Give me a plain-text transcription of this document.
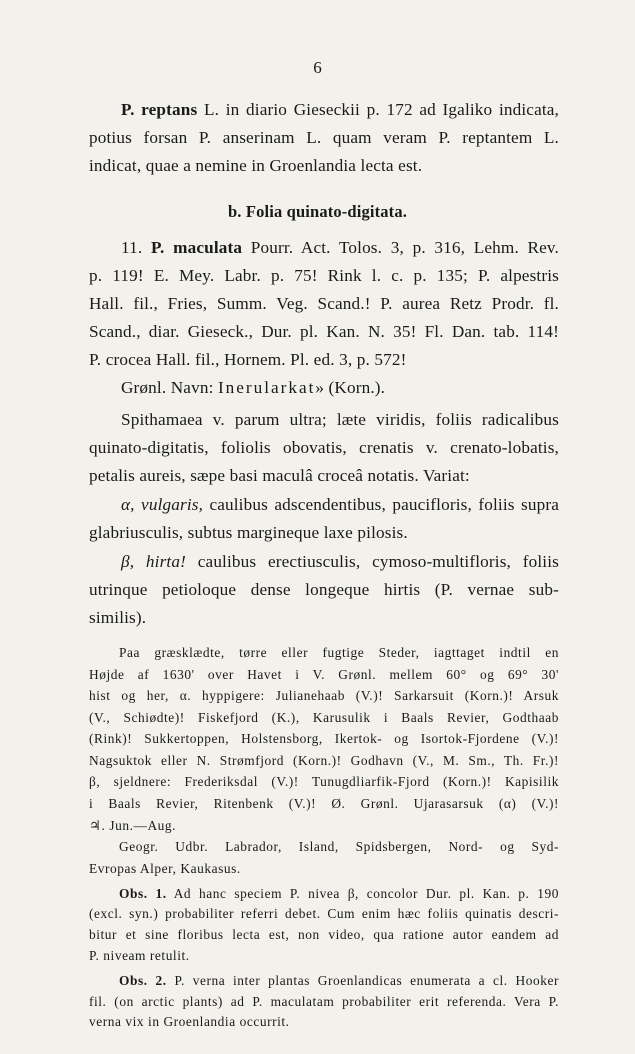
6
P. reptans L. in diario Gieseckii p. 172 ad Igaliko indicata,
potius forsan P. anserinam L. quam veram P. reptantem L.
indicat, quae a nemine in Groenlandia lecta est.
b. Folia quinato-digitata.
11. P. maculata Pourr. Act. Tolos. 3, p. 316, Lehm. Rev.
p. 119! E. Mey. Labr. p. 75! Rink l. c. p. 135; P. alpestris
Hall. fil., Fries, Summ. Veg. Scand.! P. aurea Retz Prodr. fl.
Scand., diar. Gieseck., Dur. pl. Kan. N. 35! Fl. Dan. tab. 114!
P. crocea Hall. fil., Hornem. Pl. ed. 3, p. 572!
Grønl. Navn: Inerularkat» (Korn.).
Spithamaea v. parum ultra; læte viridis, foliis radicalibus
quinato-digitatis, foliolis obovatis, crenatis v. crenato-lobatis,
petalis aureis, sæpe basi maculâ croceâ notatis. Variat:
α, vulgaris, caulibus adscendentibus, paucifloris, foliis supra
glabriusculis, subtus margineque laxe pilosis.
β, hirta! caulibus erectiusculis, cymoso-multifloris, foliis
utrinque petioloque dense longeque hirtis (P. vernae sub-
similis).
Paa græsklædte, tørre eller fugtige Steder, iagttaget indtil en
Højde af 1630' over Havet i V. Grønl. mellem 60° og 69° 30'
hist og her, α. hyppigere: Julianehaab (V.)! Sarkarsuit (Korn.)! Arsuk
(V., Schiødte)! Fiskefjord (K.), Karusulik i Baals Revier, Godthaab
(Rink)! Sukkertoppen, Holstensborg, Ikertok- og Isortok-Fjordene (V.)!
Nagsuktok eller N. Strømfjord (Korn.)! Godhavn (V., M. Sm., Th. Fr.)!
β, sjeldnere: Frederiksdal (V.)! Tunugdliarfik-Fjord (Korn.)! Kapisilik
i Baals Revier, Ritenbenk (V.)! Ø. Grønl. Ujarasarsuk (α) (V.)!
♃. Jun.—Aug.
Geogr. Udbr. Labrador, Island, Spidsbergen, Nord- og Syd-
Evropas Alper, Kaukasus.
Obs. 1. Ad hanc speciem P. nivea β, concolor Dur. pl. Kan. p. 190
(excl. syn.) probabiliter referri debet. Cum enim hæc foliis quinatis descri-
bitur et sine floribus lecta est, non video, qua ratione autor eandem ad
P. niveam retulit.
Obs. 2. P. verna inter plantas Groenlandicas enumerata a cl. Hooker
fil. (on arctic plants) ad P. maculatam probabiliter erit referenda. Vera P.
verna vix in Groenlandia occurrit.
